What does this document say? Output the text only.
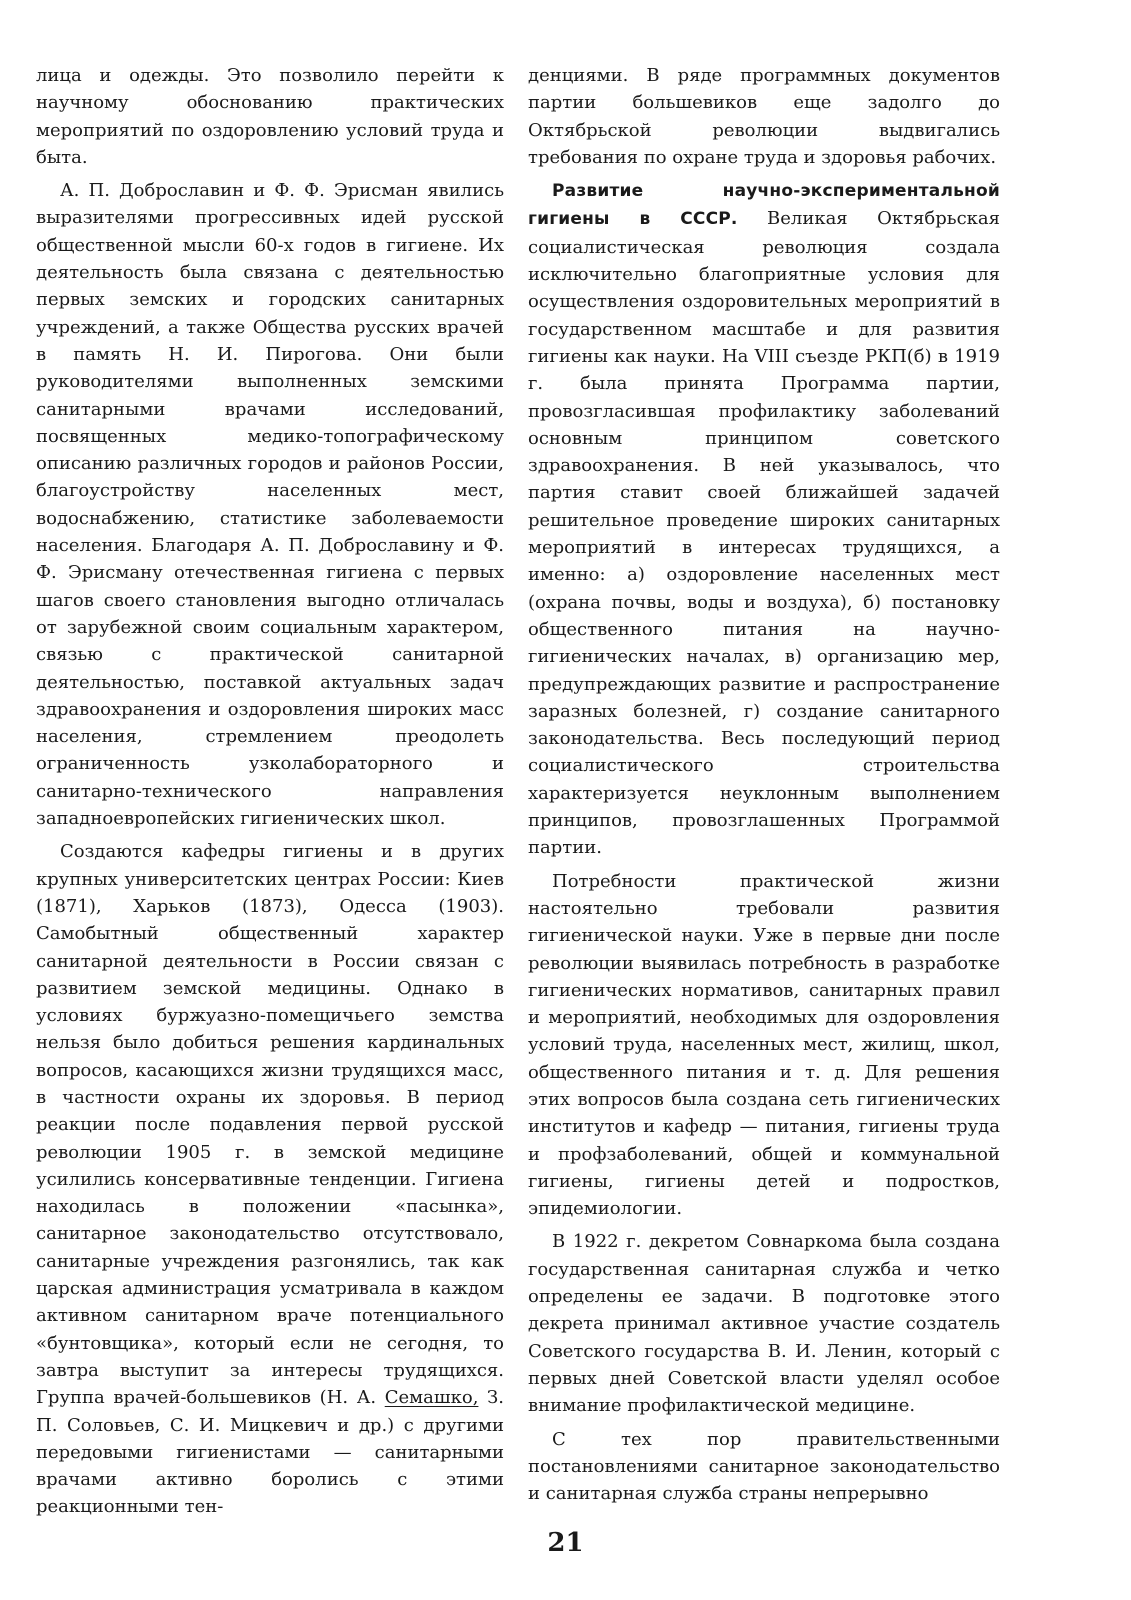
лица и одежды. Это позволило перейти к научному обоснованию практических мероприятий по оздоровлению условий труда и быта.

А. П. Доброславин и Ф. Ф. Эрисман явились выразителями прогрессивных идей русской общественной мысли 60-х годов в гигиене. Их деятельность была связана с деятельностью первых земских и городских санитарных учреждений, а также Общества русских врачей в память Н. И. Пирогова. Они были руководителями выполненных земскими санитарными врачами исследований, посвященных медико-топографическому описанию различных городов и районов России, благоустройству населенных мест, водоснабжению, статистике заболеваемости населения. Благодаря А. П. Доброславину и Ф. Ф. Эрисману отечественная гигиена с первых шагов своего становления выгодно отличалась от зарубежной своим социальным характером, связью с практической санитарной деятельностью, поставкой актуальных задач здравоохранения и оздоровления широких масс населения, стремлением преодолеть ограниченность узколабораторного и санитарно-технического направления западноевропейских гигиенических школ.

Создаются кафедры гигиены и в других крупных университетских центрах России: Киев (1871), Харьков (1873), Одесса (1903). Самобытный общественный характер санитарной деятельности в России связан с развитием земской медицины. Однако в условиях буржуазно-помещичьего земства нельзя было добиться решения кардинальных вопросов, касающихся жизни трудящихся масс, в частности охраны их здоровья. В период реакции после подавления первой русской революции 1905 г. в земской медицине усилились консервативные тенденции. Гигиена находилась в положении «пасынка», санитарное законодательство отсутствовало, санитарные учреждения разгонялись, так как царская администрация усматривала в каждом активном санитарном враче потенциального «бунтовщика», который если не сегодня, то завтра выступит за интересы трудящихся. Группа врачей-большевиков (Н. А. Семашко, З. П. Соловьев, С. И. Мицкевич и др.) с другими передовыми гигиенистами — санитарными врачами активно боролись с этими реакционными тен-

денциями. В ряде программных документов партии большевиков еще задолго до Октябрьской революции выдвигались требования по охране труда и здоровья рабочих.

Развитие научно-экспериментальной гигиены в СССР. Великая Октябрьская социалистическая революция создала исключительно благоприятные условия для осуществления оздоровительных мероприятий в государственном масштабе и для развития гигиены как науки. На VIII съезде РКП(б) в 1919 г. была принята Программа партии, провозгласившая профилактику заболеваний основным принципом советского здравоохранения. В ней указывалось, что партия ставит своей ближайшей задачей решительное проведение широких санитарных мероприятий в интересах трудящихся, а именно: а) оздоровление населенных мест (охрана почвы, воды и воздуха), б) постановку общественного питания на научно-гигиенических началах, в) организацию мер, предупреждающих развитие и распространение заразных болезней, г) создание санитарного законодательства. Весь последующий период социалистического строительства характеризуется неуклонным выполнением принципов, провозглашенных Программой партии.

Потребности практической жизни настоятельно требовали развития гигиенической науки. Уже в первые дни после революции выявилась потребность в разработке гигиенических нормативов, санитарных правил и мероприятий, необходимых для оздоровления условий труда, населенных мест, жилищ, школ, общественного питания и т. д. Для решения этих вопросов была создана сеть гигиенических институтов и кафедр — питания, гигиены труда и профзаболеваний, общей и коммунальной гигиены, гигиены детей и подростков, эпидемиологии.

В 1922 г. декретом Совнаркома была создана государственная санитарная служба и четко определены ее задачи. В подготовке этого декрета принимал активное участие создатель Советского государства В. И. Ленин, который с первых дней Советской власти уделял особое внимание профилактической медицине.

С тех пор правительственными постановлениями санитарное законодательство и санитарная служба страны непрерывно

21
